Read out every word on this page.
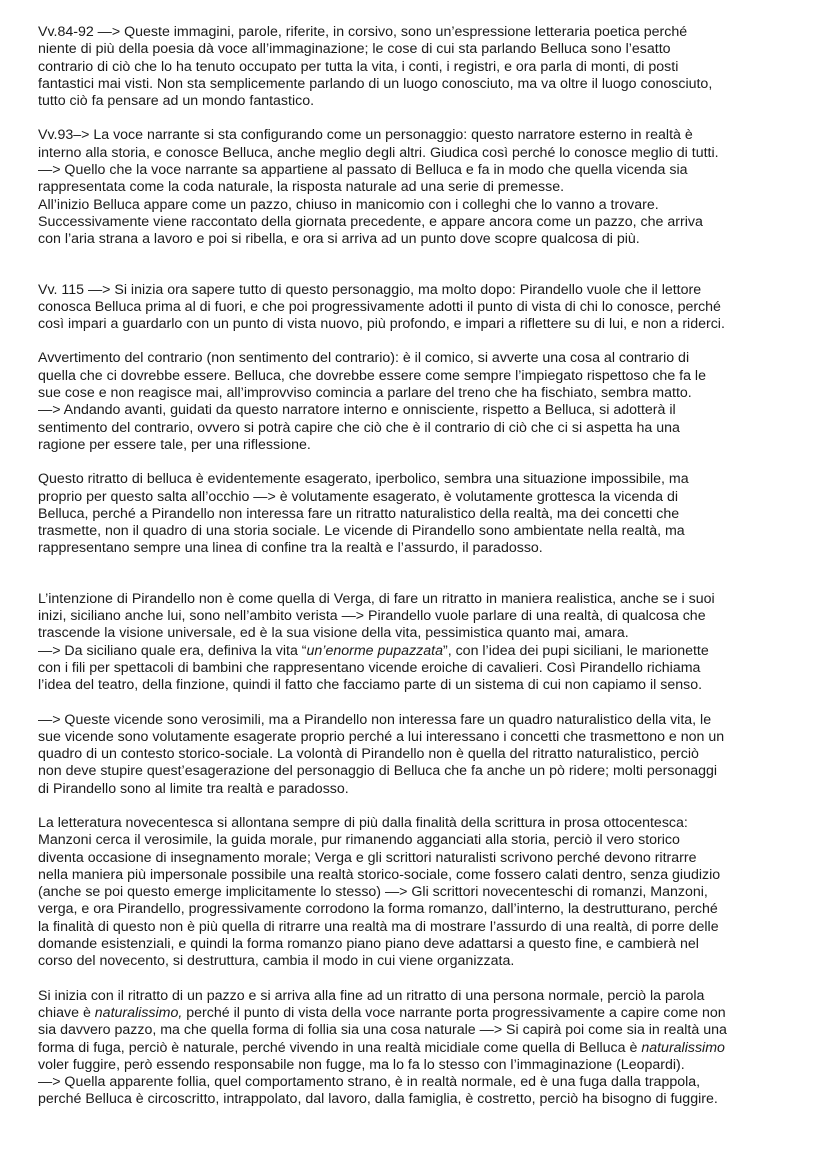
Vv.84-92 —> Queste immagini, parole, riferite, in corsivo, sono un’espressione letteraria poetica perché
niente di più della poesia dà voce all’immaginazione; le cose di cui sta parlando Belluca sono l’esatto
contrario di ciò che lo ha tenuto occupato per tutta la vita, i conti, i registri, e ora parla di monti, di posti
fantastici mai visti. Non sta semplicemente parlando di un luogo conosciuto, ma va oltre il luogo conosciuto,
tutto ciò fa pensare ad un mondo fantastico.

Vv.93–> La voce narrante si sta configurando come un personaggio: questo narratore esterno in realtà è
interno alla storia, e conosce Belluca, anche meglio degli altri. Giudica così perché lo conosce meglio di tutti.
—> Quello che la voce narrante sa appartiene al passato di Belluca e fa in modo che quella vicenda sia
rappresentata come la coda naturale, la risposta naturale ad una serie di premesse.
All’inizio Belluca appare come un pazzo, chiuso in manicomio con i colleghi che lo vanno a trovare.
Successivamente viene raccontato della giornata precedente, e appare ancora come un pazzo, che arriva
con l’aria strana a lavoro e poi si ribella, e ora si arriva ad un punto dove scopre qualcosa di più.

Vv. 115 —> Si inizia ora sapere tutto di questo personaggio, ma molto dopo: Pirandello vuole che il lettore
conosca Belluca prima al di fuori, e che poi progressivamente adotti il punto di vista di chi lo conosce, perché
così impari a guardarlo con un punto di vista nuovo, più profondo, e impari a riflettere su di lui, e non a riderci.

Avvertimento del contrario (non sentimento del contrario): è il comico, si avverte una cosa al contrario di
quella che ci dovrebbe essere. Belluca, che dovrebbe essere come sempre l’impiegato rispettoso che fa le
sue cose e non reagisce mai, all’improvviso comincia a parlare del treno che ha fischiato, sembra matto.
—> Andando avanti, guidati da questo narratore interno e onnisciente, rispetto a Belluca, si adotterà il
sentimento del contrario, ovvero si potrà capire che ciò che è il contrario di ciò che ci si aspetta ha una
ragione per essere tale, per una riflessione.

Questo ritratto di belluca è evidentemente esagerato, iperbolico, sembra una situazione impossibile, ma
proprio per questo salta all’occhio —> è volutamente esagerato, è volutamente grottesca la vicenda di
Belluca, perché a Pirandello non interessa fare un ritratto naturalistico della realtà, ma dei concetti che
trasmette, non il quadro di una storia sociale. Le vicende di Pirandello sono ambientate nella realtà, ma
rappresentano sempre una linea di confine tra la realtà e l’assurdo, il paradosso.

L’intenzione di Pirandello non è come quella di Verga, di fare un ritratto in maniera realistica, anche se i suoi
inizi, siciliano anche lui, sono nell’ambito verista —> Pirandello vuole parlare di una realtà, di qualcosa che
trascende la visione universale, ed è la sua visione della vita, pessimistica quanto mai, amara.
—> Da siciliano quale era, definiva la vita “un’enorme pupazzata”, con l’idea dei pupi siciliani, le marionette
con i fili per spettacoli di bambini che rappresentano vicende eroiche di cavalieri. Così Pirandello richiama
l’idea del teatro, della finzione, quindi il fatto che facciamo parte di un sistema di cui non capiamo il senso.

—> Queste vicende sono verosimili, ma a Pirandello non interessa fare un quadro naturalistico della vita, le
sue vicende sono volutamente esagerate proprio perché a lui interessano i concetti che trasmettono e non un
quadro di un contesto storico-sociale. La volontà di Pirandello non è quella del ritratto naturalistico, perciò
non deve stupire quest’esagerazione del personaggio di Belluca che fa anche un pò ridere; molti personaggi
di Pirandello sono al limite tra realtà e paradosso.

La letteratura novecentesca si allontana sempre di più dalla finalità della scrittura in prosa ottocentesca:
Manzoni cerca il verosimile, la guida morale, pur rimanendo agganciati alla storia, perciò il vero storico
diventa occasione di insegnamento morale; Verga e gli scrittori naturalisti scrivono perché devono ritrarre
nella maniera più impersonale possibile una realtà storico-sociale, come fossero calati dentro, senza giudizio
(anche se poi questo emerge implicitamente lo stesso) —> Gli scrittori novecenteschi di romanzi, Manzoni,
verga, e ora Pirandello, progressivamente corrodono la forma romanzo, dall’interno, la destrutturano, perché
la finalità di questo non è più quella di ritrarre una realtà ma di mostrare l’assurdo di una realtà, di porre delle
domande esistenziali, e quindi la forma romanzo piano piano deve adattarsi a questo fine, e cambierà nel
corso del novecento, si destruttura, cambia il modo in cui viene organizzata.

Si inizia con il ritratto di un pazzo e si arriva alla fine ad un ritratto di una persona normale, perciò la parola
chiave è naturalissimo, perché il punto di vista della voce narrante porta progressivamente a capire come non
sia davvero pazzo, ma che quella forma di follia sia una cosa naturale —> Si capirà poi come sia in realtà una
forma di fuga, perciò è naturale, perché vivendo in una realtà micidiale come quella di Belluca è naturalissimo
voler fuggire, però essendo responsabile non fugge, ma lo fa lo stesso con l’immaginazione (Leopardi).
—> Quella apparente follia, quel comportamento strano, è in realtà normale, ed è una fuga dalla trappola,
perché Belluca è circoscritto, intrappolato, dal lavoro, dalla famiglia, è costretto, perciò ha bisogno di fuggire.
